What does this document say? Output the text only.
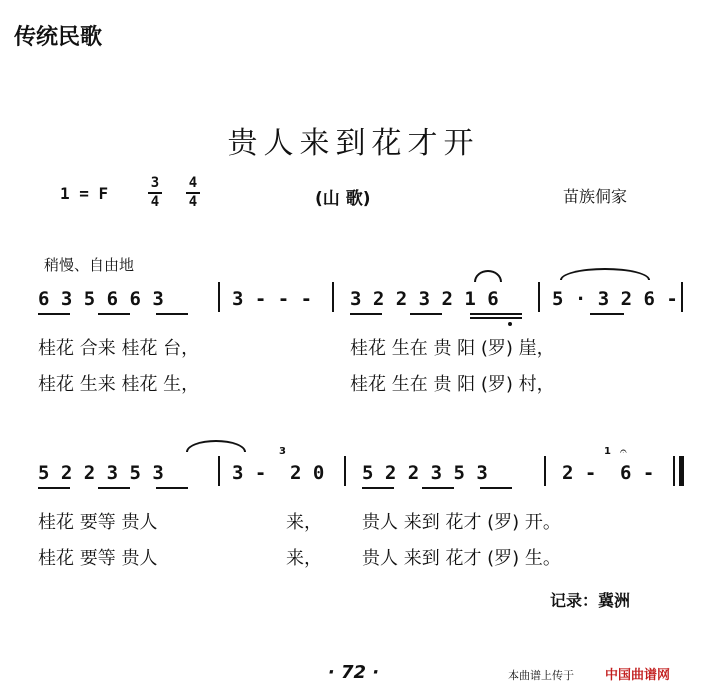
传统民歌
贵人来到花才开
1 = F
3
4
4
4	(山 歌)	苗族侗家
稍慢、自由地
6 3 5 6 6 3	3 - - - 3 2 2 3 2 1 6	5 · 3 2 6 -
桂花 合来 桂花 台，	桂花 生在 贵 阳 (罗) 崖，
桂花 生来 桂花 生，	桂花 生在 贵 阳 (罗) 村，
5 2 2 3 5 3	3 -
3
2 0 5 2 2 3 5 3	2 -
1
6 -
𝄐
桂花 要等 贵人	来， 贵人 来到 花才 (罗) 开。
桂花 要等 贵人	来， 贵人 来到 花才 (罗) 生。
记录：冀洲
· 72 ·	本曲谱上传于 中国曲谱网
